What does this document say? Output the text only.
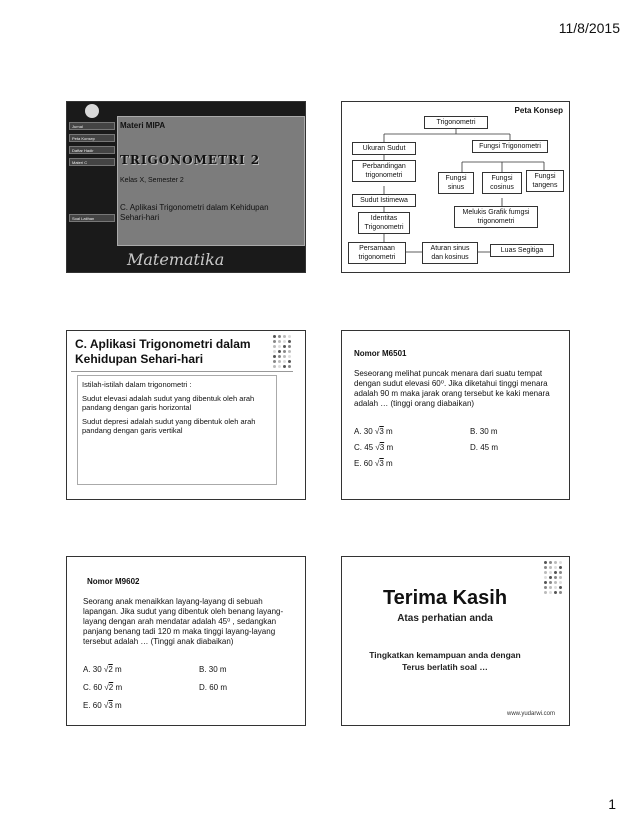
11/8/2015
Jurnal
Peta Konsep
Daftar Hadir
Materi C
Soal Latihan
Materi MIPA
TRIGONOMETRI 2
Kelas X, Semester 2
C. Aplikasi Trigonometri dalam Kehidupan Sehari-hari
Matematika
Peta Konsep
Trigonometri
Ukuran Sudut	Fungsi Trigonometri
Perbandingan trigonometri	Fungsi sinus
Fungsi cosinus
Fungsi tangens
Sudut Istimewa
Melukis Grafik fumgsi trigonometri
Identitas Trigonometri
Persamaan trigonometri
Aturan sinus dan kosinus
Luas Segitiga
C. Aplikasi Trigonometri dalam Kehidupan Sehari-hari

Istilah-istilah dalam trigonometri :

Sudut elevasi adalah sudut yang dibentuk oleh arah pandang dengan garis horizontal

Sudut depresi adalah sudut yang dibentuk oleh arah pandang dengan garis vertikal

Nomor M6501
Seseorang melihat puncak menara dari suatu tempat dengan sudut elevasi 60⁰. Jika diketahui tinggi menara adalah 90 m maka jarak orang tersebut ke kaki menara adalah … (tinggi orang diabaikan)
A. 30 √3 m	B. 30 m
C. 45 √3 m	D. 45 m
E. 60 √3 m
Nomor M9602
Seorang anak menaikkan layang-layang di sebuah lapangan. Jika sudut yang dibentuk oleh benang layang-layang dengan arah mendatar adalah 45⁰ , sedangkan panjang benang tadi 120 m maka tinggi layang-layang tersebut adalah … (Tinggi anak diabaikan)
A. 30 √2 m	B. 30 m
C. 60 √2 m	D. 60 m
E. 60 √3 m
Terima Kasih
Atas perhatian anda
Tingkatkan kemampuan anda dengan
Terus berlatih soal …
www.yudarwi.com
1
